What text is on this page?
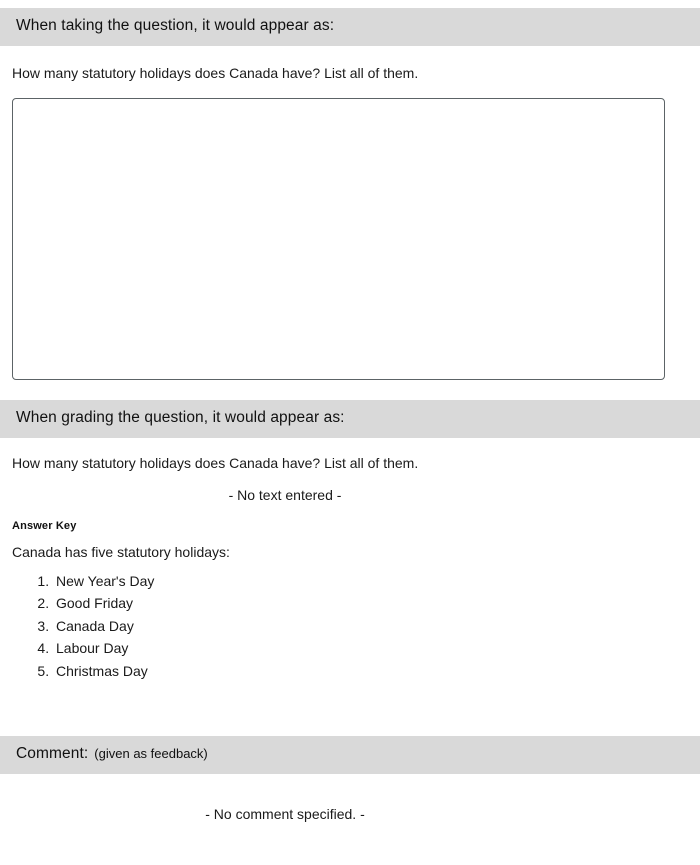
When taking the question, it would appear as:

How many statutory holidays does Canada have? List all of them.

When grading the question, it would appear as:

How many statutory holidays does Canada have? List all of them.

- No text entered -

Answer Key

Canada has five statutory holidays:

1. New Year's Day
2. Good Friday
3. Canada Day
4. Labour Day
5. Christmas Day
Comment: (given as feedback)

- No comment specified. -
